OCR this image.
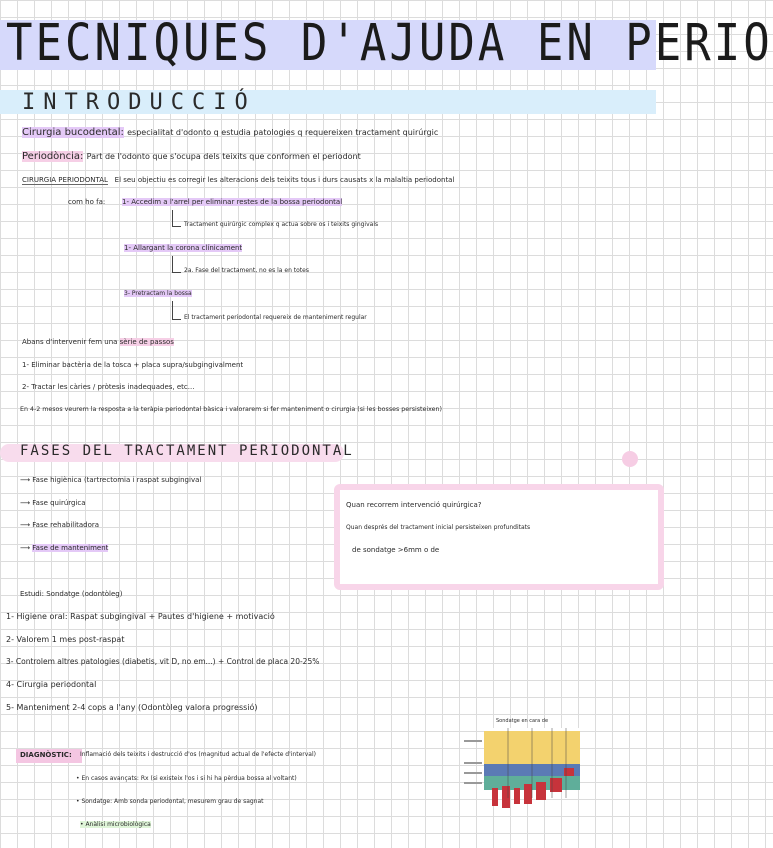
TECNIQUES D'AJUDA EN PERIO
INTRODUCCIÓ
Cirurgia bucodental: especialitat d'odonto q estudia patologies q requereixen tractament quirúrgic
Periodòncia: Part de l'odonto que s'ocupa dels teixits que conformen el periodont
CIRURGIA PERIODONTAL El seu objectiu es corregir les alteracions dels teixits tous i durs causats x la malaltia periodontal
com ho fa: 1- Accedim a l'arrel per eliminar restes de la bossa periodontal
Tractament quirúrgic complex q actua sobre os i teixits gingivals
1- Allargant la corona clínicament
2a. Fase del tractament, no es la en totes
3- Pretractam la bossa
El tractament periodontal requereix de manteniment regular
Abans d'intervenir fem una sèrie de passos
1- Eliminar bactèria de la tosca + placa supra/subgingivalment
2- Tractar les càries / pròtesis inadequades, etc...
En 4-2 mesos veurem la resposta a la teràpia periodontal bàsica i valorarem si fer manteniment o cirurgia (si les bosses persisteixen)
FASES DEL TRACTAMENT PERIODONTAL
⟶ Fase higiènica (tartrectomia i raspat subgingival
⟶ Fase quirúrgica
⟶ Fase rehabilitadora
⟶ Fase de manteniment
Quan recorrem intervenció quirúrgica?
Quan després del tractament inicial persisteixen profunditats
de sondatge >6mm o de
Estudi: Sondatge (odontòleg)
1- Higiene oral: Raspat subgingival + Pautes d'higiene + motivació
2- Valorem 1 mes post-raspat
3- Controlem altres patologies (diabetis, vit D, no em...) + Control de placa 20-25%
4- Cirurgia periodontal
5- Manteniment 2-4 cops a l'any (Odontòleg valora progressió)
DIAGNÒSTIC: Inflamació dels teixits i destrucció d'os (magnitud actual de l'efecte d'interval)
• En casos avançats: Rx (si existeix l'os i si hi ha pèrdua bossa al voltant)
• Sondatge: Amb sonda periodontal, mesurem grau de sagnat
• Anàlisi microbiològica
Sondatge en cara de
